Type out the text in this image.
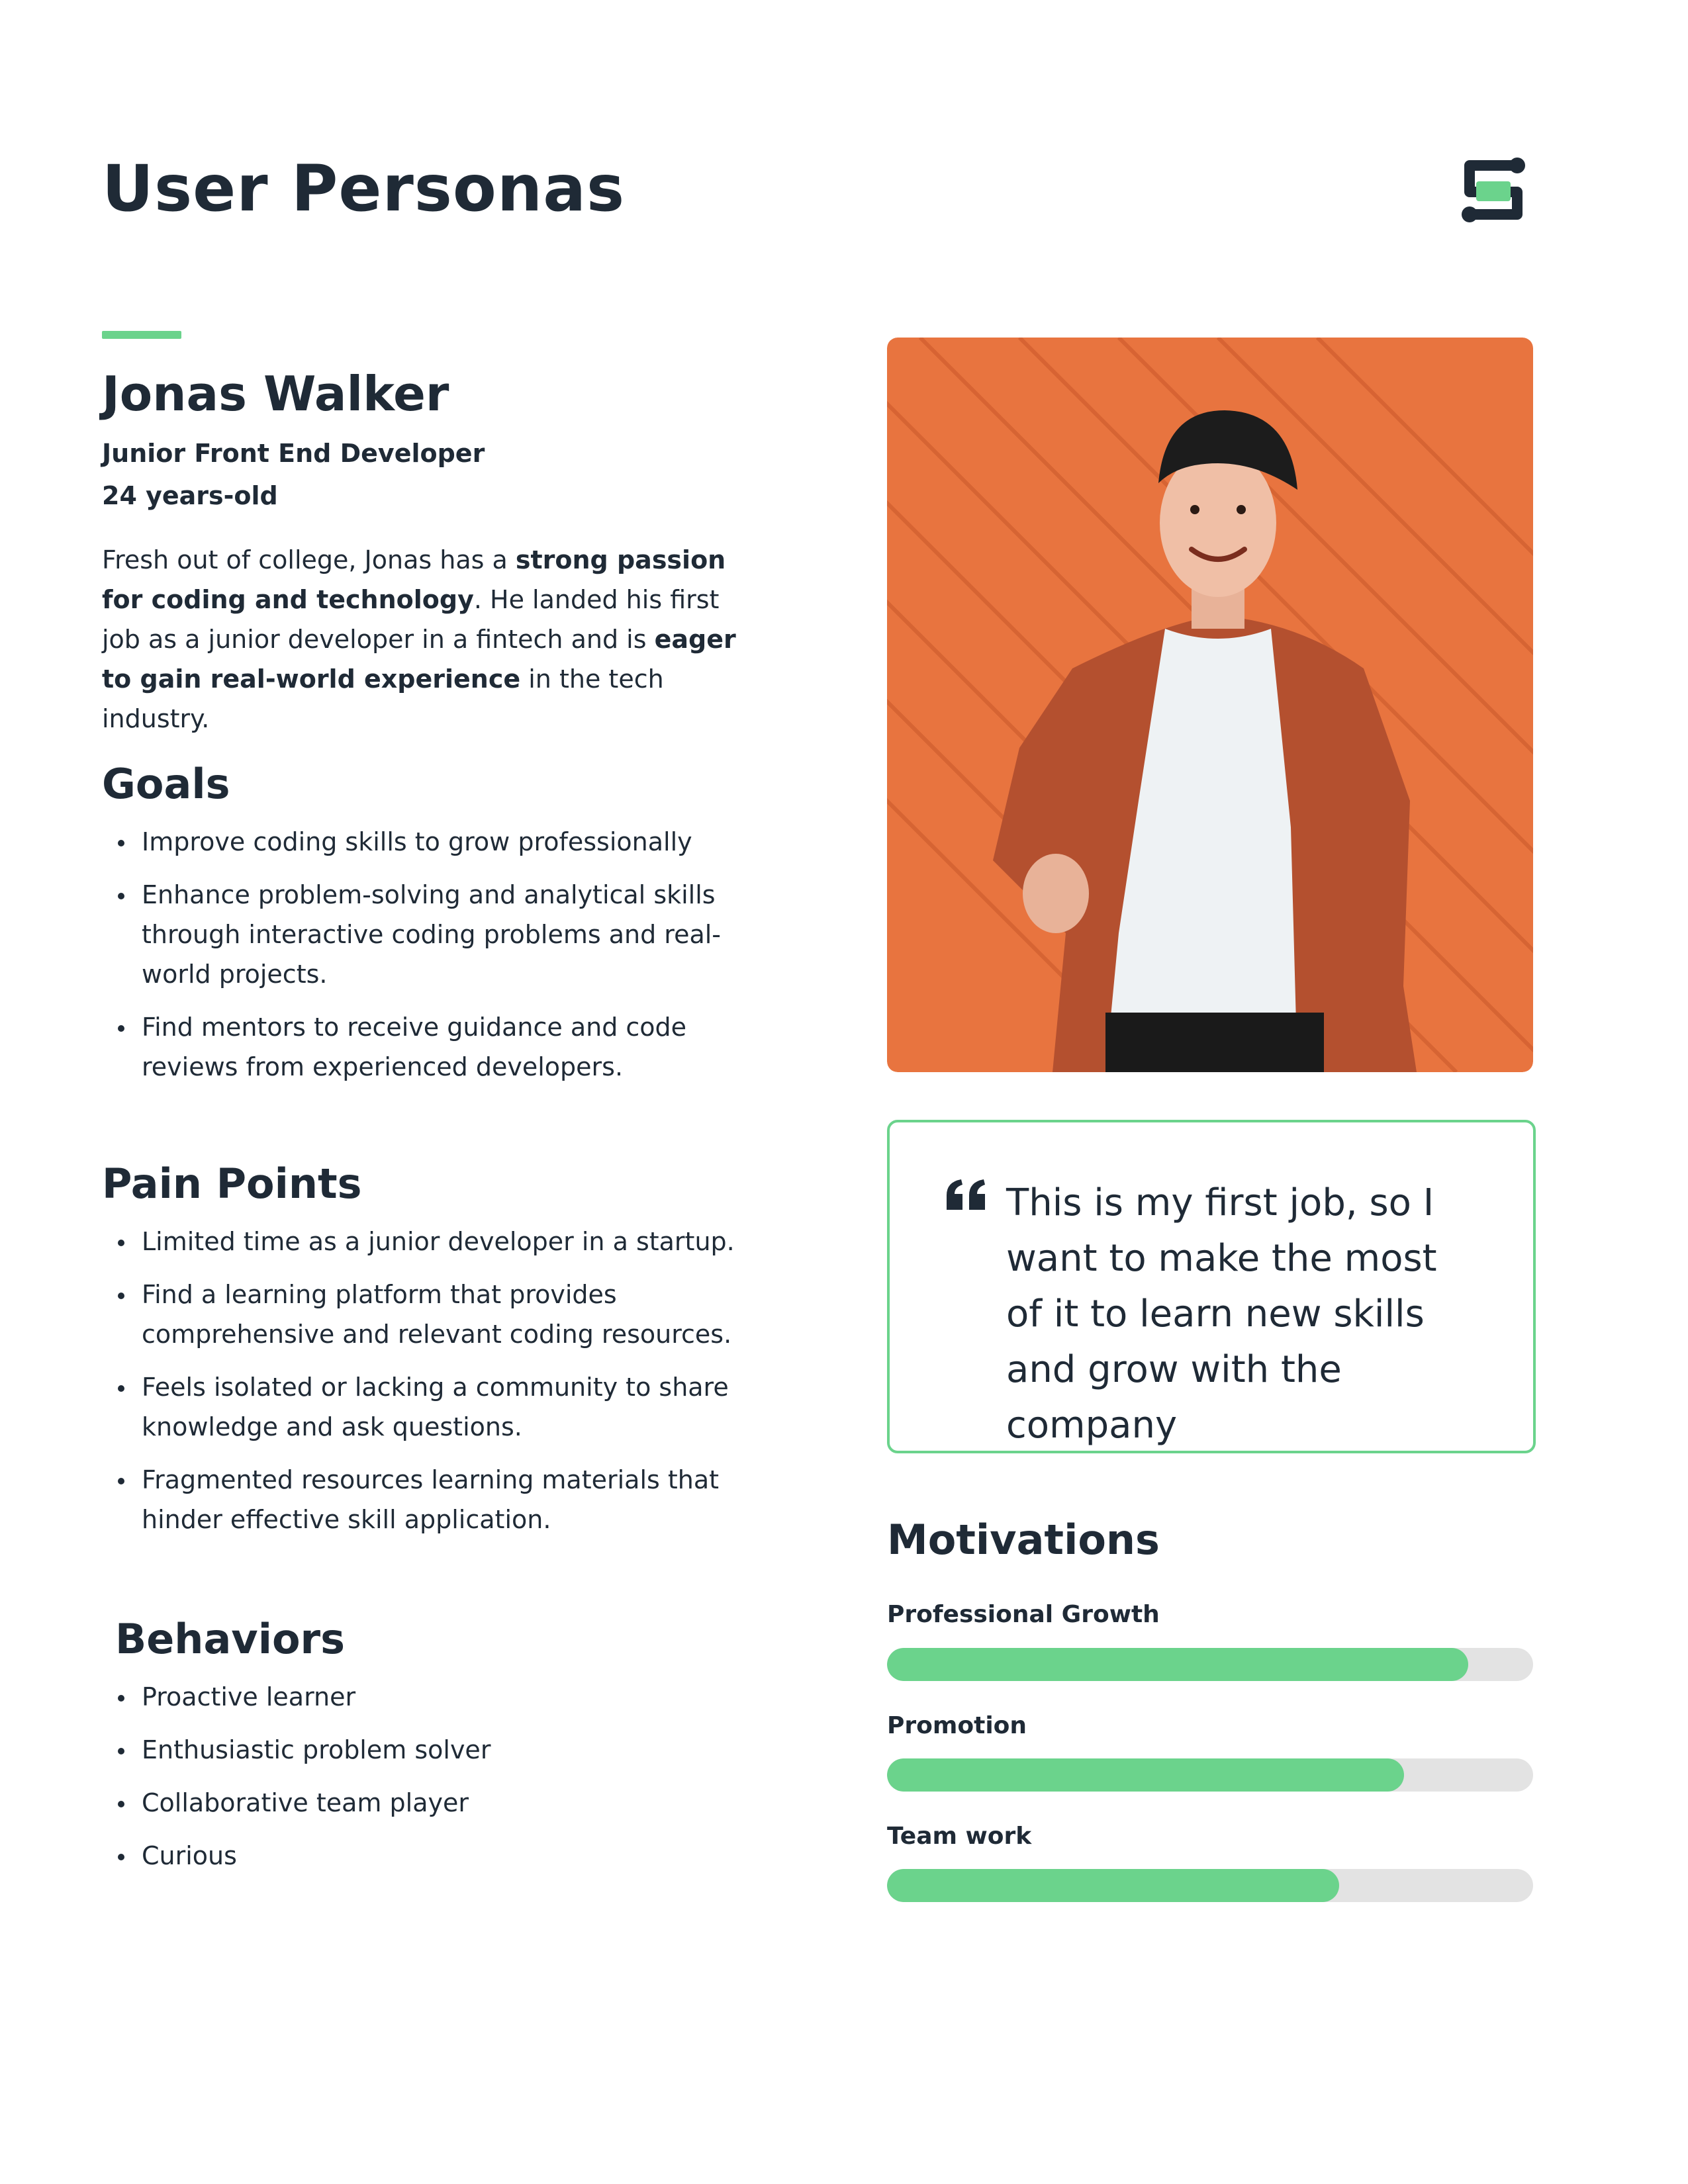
User Personas
Jonas Walker
Junior Front End Developer
24 years-old

Fresh out of college, Jonas has a strong passion for coding and technology. He landed his first job as a junior developer in a fintech and is eager to gain real-world experience in the tech industry.

Goals
Improve coding skills to grow professionally
Enhance problem-solving and analytical skills through interactive coding problems and real-world projects.
Find mentors to receive guidance and code reviews from experienced developers.
Pain Points
Limited time as a junior developer in a startup.
Find a learning platform that provides comprehensive and relevant coding resources.
Feels isolated or lacking a community to share knowledge and ask questions.
Fragmented resources learning materials that hinder effective skill application.
Behaviors
Proactive learner
Enthusiastic problem solver
Collaborative team player
Curious
This is my first job, so I want to make the most of it to learn new skills and grow with the company
Motivations
Professional Growth
Promotion
Team work
